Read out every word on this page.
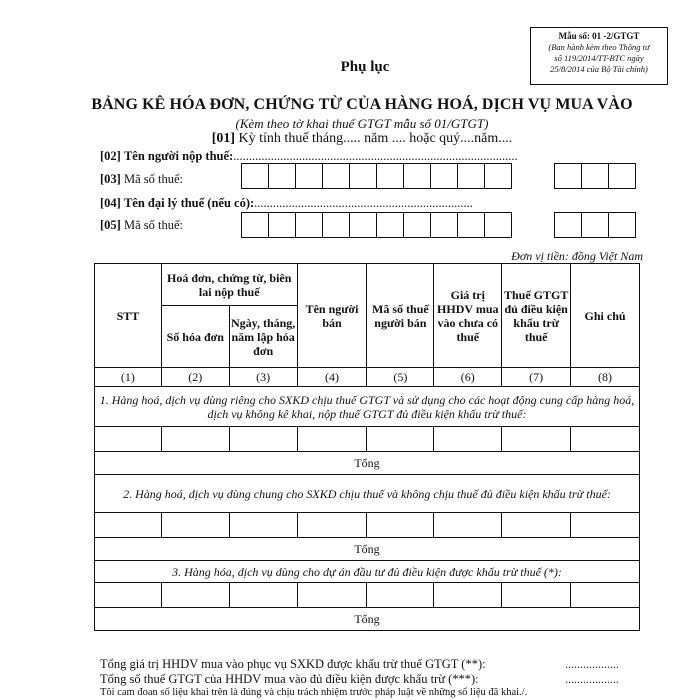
Mẫu số: 01 -2/GTGT
(Ban hành kèm theo Thông tư
số 119/2014/TT-BTC ngày
25/8/2014 của Bộ Tài chính)
Phụ lục
BẢNG KÊ HÓA ĐƠN, CHỨNG TỪ CỦA HÀNG HOÁ, DỊCH VỤ MUA VÀO
(Kèm theo tờ khai thuế GTGT mẫu số 01/GTGT)
[01] Kỳ tính thuế tháng..... năm .... hoặc quý....năm....
[02] Tên người nộp thuế:...........................................................................................
[03] Mã số thuế:
[04] Tên đại lý thuế (nếu có):......................................................................
[05] Mã số thuế:
Đơn vị tiền: đồng Việt Nam
STT	Hoá đơn, chứng từ, biên lai nộp thuế		Tên người bán	Mã số thuế người bán	Giá trị HHDV mua vào chưa có thuế	Thuế GTGT đủ điều kiện khấu trừ thuế	Ghi chú
	Số hóa đơn	Ngày, tháng, năm lập hóa đơn					
(1)	(2)	(3)	(4)	(5)	(6)	(7)	(8)
1. Hàng hoá, dịch vụ dùng riêng cho SXKD chịu thuế GTGT và sử dụng cho các hoạt động cung cấp hàng hoá, dịch vụ không kê khai, nộp thuế GTGT đủ điều kiện khấu trừ thuế:							

Tổng							
2. Hàng hoá, dịch vụ dùng chung cho SXKD chịu thuế và không chịu thuế đủ điều kiện khấu trừ thuế:							

Tổng							
3. Hàng hóa, dịch vụ dùng cho dự án đầu tư đủ điều kiện được khấu trừ thuế (*):							

Tổng							
Tổng giá trị HHDV mua vào phục vụ SXKD được khấu trừ thuế GTGT (**):	..................
Tổng số thuế GTGT của HHDV mua vào đủ điều kiện được khấu trừ (***):	..................
Tôi cam đoan số liệu khai trên là đúng và chịu trách nhiệm trước pháp luật về những số liệu đã khai./.
